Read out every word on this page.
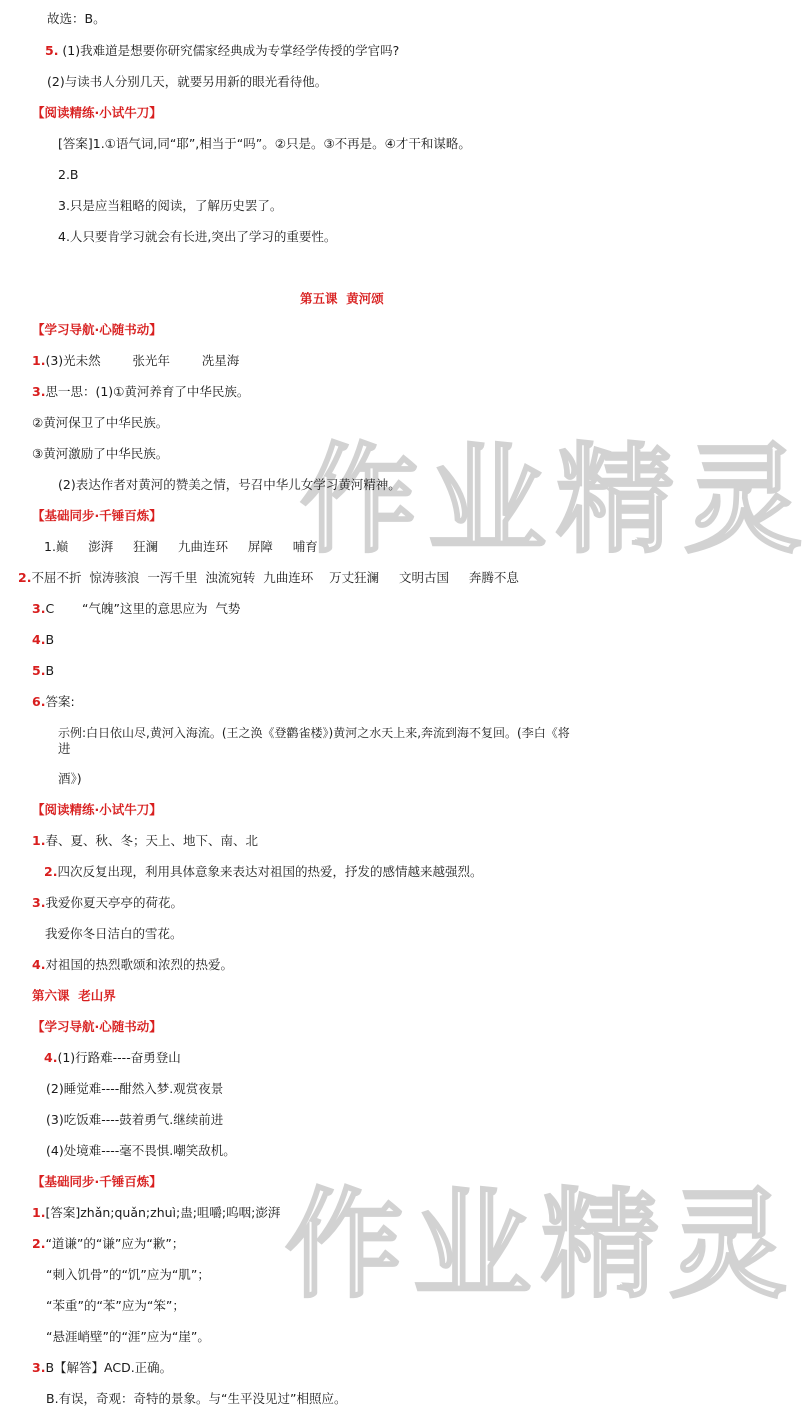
作业精灵
作业精灵
故选：B。
5. (1)我难道是想要你研究儒家经典成为专掌经学传授的学官吗?
(2)与读书人分别几天，就要另用新的眼光看待他。
【阅读精练·小试牛刀】
[答案]1.①语气词,同“耶”,相当于“吗”。②只是。③不再是。④才干和谋略。
2.B
3.只是应当粗略的阅读，了解历史罢了。
4.人只要肯学习就会有长进,突出了学习的重要性。
第五课  黄河颂
【学习导航·心随书动】
1.(3)光未然        张光年        冼星海
3.思一思：(1)①黄河养育了中华民族。
②黄河保卫了中华民族。
③黄河激励了中华民族。
(2)表达作者对黄河的赞美之情，号召中华儿女学习黄河精神。
【基础同步·千锤百炼】
1.巅     澎湃     狂澜     九曲连环     屏障     哺育
2.不屈不折  惊涛骇浪  一泻千里  浊流宛转  九曲连环    万丈狂澜     文明古国     奔腾不息
3.C       “气魄”这里的意思应为  气势
4.B
5.B
6.答案:
示例:白日依山尽,黄河入海流。(王之涣《登鹳雀楼》)黄河之水天上来,奔流到海不复回。(李白《将
进
酒》)
【阅读精练·小试牛刀】
1.春、夏、秋、冬；天上、地下、南、北
2.四次反复出现，利用具体意象来表达对祖国的热爱，抒发的感情越来越强烈。
3.我爱你夏天亭亭的荷花。
我爱你冬日洁白的雪花。
4.对祖国的热烈歌颂和浓烈的热爱。
第六课  老山界
【学习导航·心随书动】
4.(1)行路难----奋勇登山
(2)睡觉难----酣然入梦.观赏夜景
(3)吃饭难----鼓着勇气.继续前进
(4)处境难----毫不畏惧.嘲笑敌机。
【基础同步·千锤百炼】
1.[答案]zhǎn;quǎn;zhuì;蛊;咀嚼;呜咽;澎湃
2.“道谦”的“谦”应为“歉”；
“刺入饥骨”的“饥”应为“肌”；
“苯重”的“苯”应为“笨”；
“悬涯峭壁”的“涯”应为“崖”。
3.B【解答】ACD.正确。
B.有误，奇观：奇特的景象。与“生平没见过”相照应。
